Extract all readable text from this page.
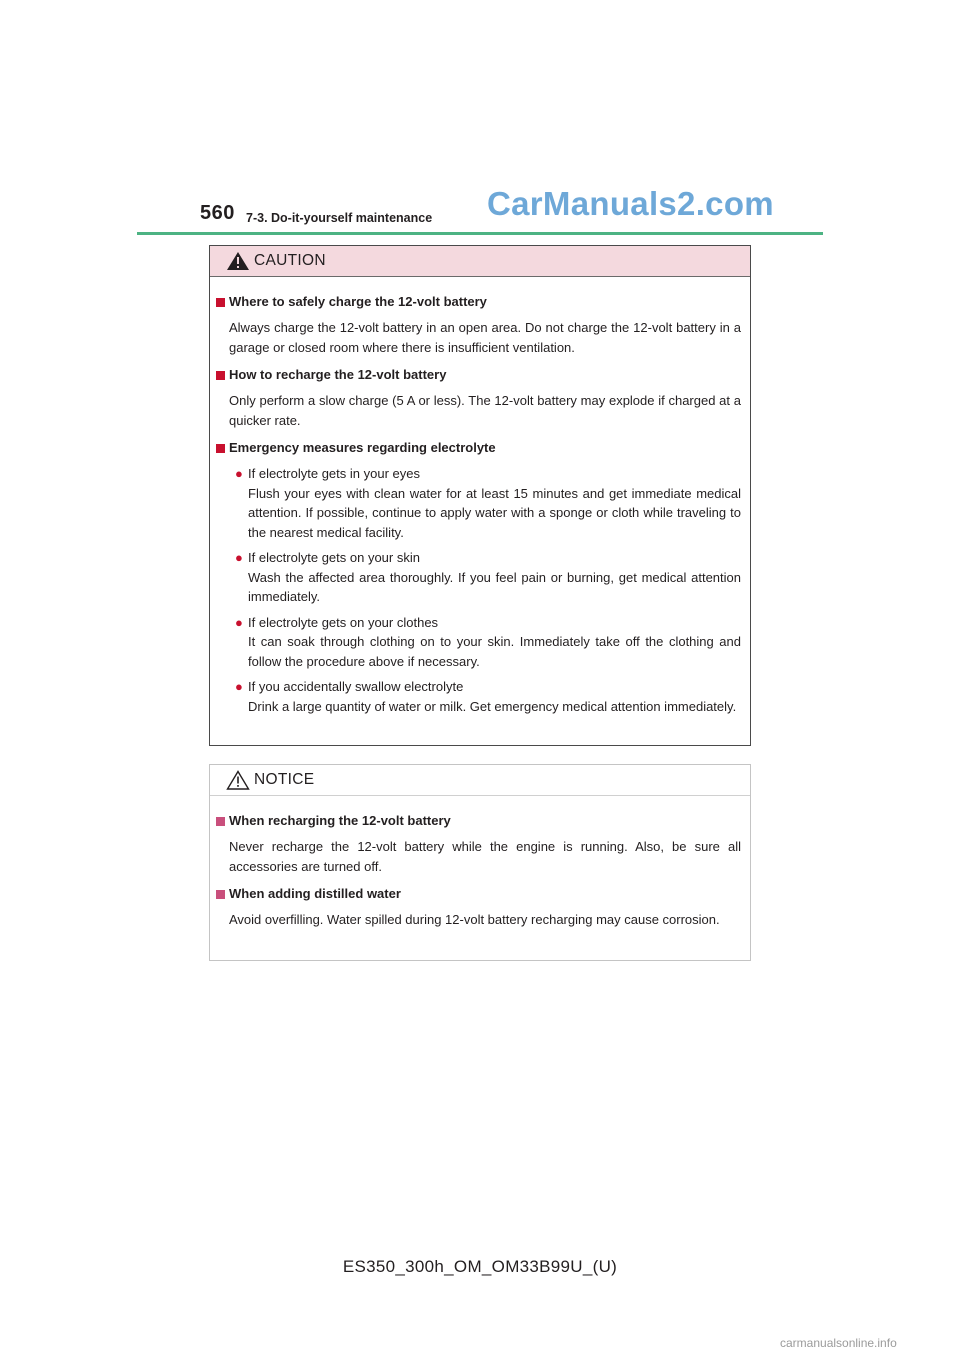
560 7-3. Do-it-yourself maintenance CarManuals2.com
CAUTION
Where to safely charge the 12-volt battery
Always charge the 12-volt battery in an open area. Do not charge the 12-volt battery in a garage or closed room where there is insufficient ventilation.
How to recharge the 12-volt battery
Only perform a slow charge (5 A or less). The 12-volt battery may explode if charged at a quicker rate.
Emergency measures regarding electrolyte
● If electrolyte gets in your eyes
Flush your eyes with clean water for at least 15 minutes and get immediate medical attention. If possible, continue to apply water with a sponge or cloth while traveling to the nearest medical facility.
● If electrolyte gets on your skin
Wash the affected area thoroughly. If you feel pain or burning, get medical attention immediately.
● If electrolyte gets on your clothes
It can soak through clothing on to your skin. Immediately take off the clothing and follow the procedure above if necessary.
● If you accidentally swallow electrolyte
Drink a large quantity of water or milk. Get emergency medical attention immediately.
NOTICE
When recharging the 12-volt battery
Never recharge the 12-volt battery while the engine is running. Also, be sure all accessories are turned off.
When adding distilled water
Avoid overfilling. Water spilled during 12-volt battery recharging may cause corrosion.
ES350_300h_OM_OM33B99U_(U)
carmanualsonline.info
